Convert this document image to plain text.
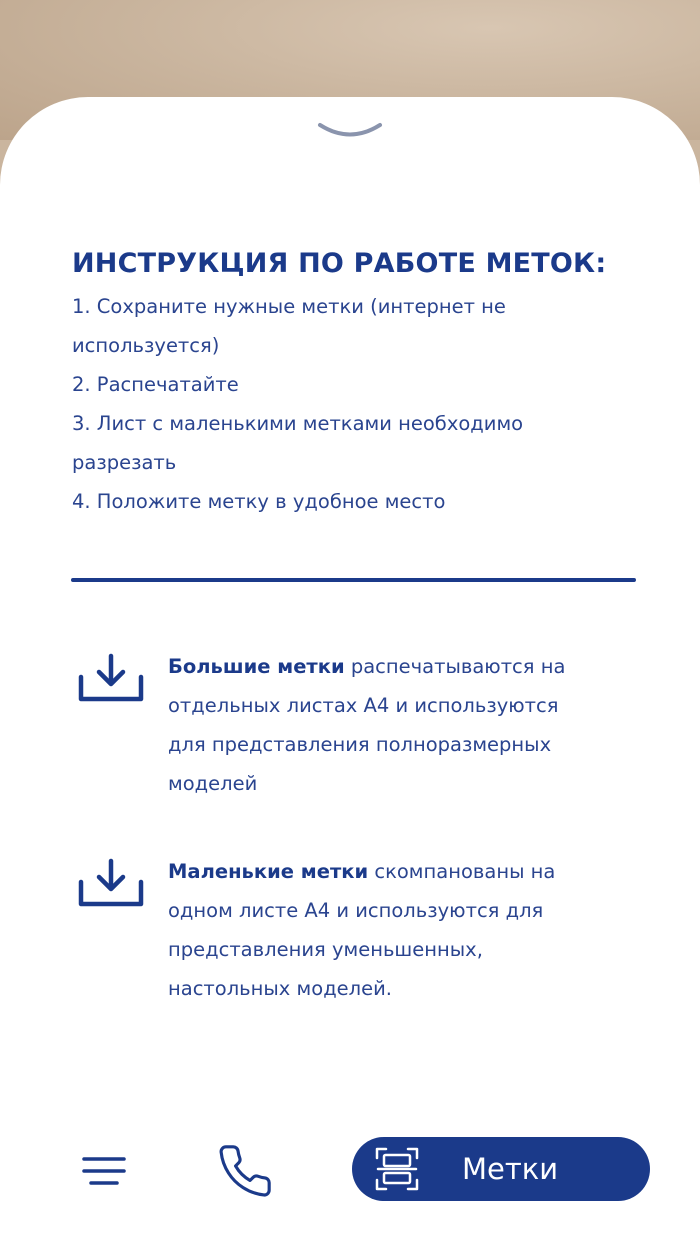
ИНСТРУКЦИЯ ПО РАБОТЕ МЕТОК:
1. Сохраните нужные метки (интернет не
используется)
2. Распечатайте
3. Лист с маленькими метками необходимо
разрезать
4. Положите метку в удобное место

Большие метки распечатываются на
отдельных листах А4 и используются
для представления полноразмерных
моделей

Маленькие метки скомпанованы на
одном листе А4 и используются для
представления уменьшенных,
настольных моделей.

Метки
